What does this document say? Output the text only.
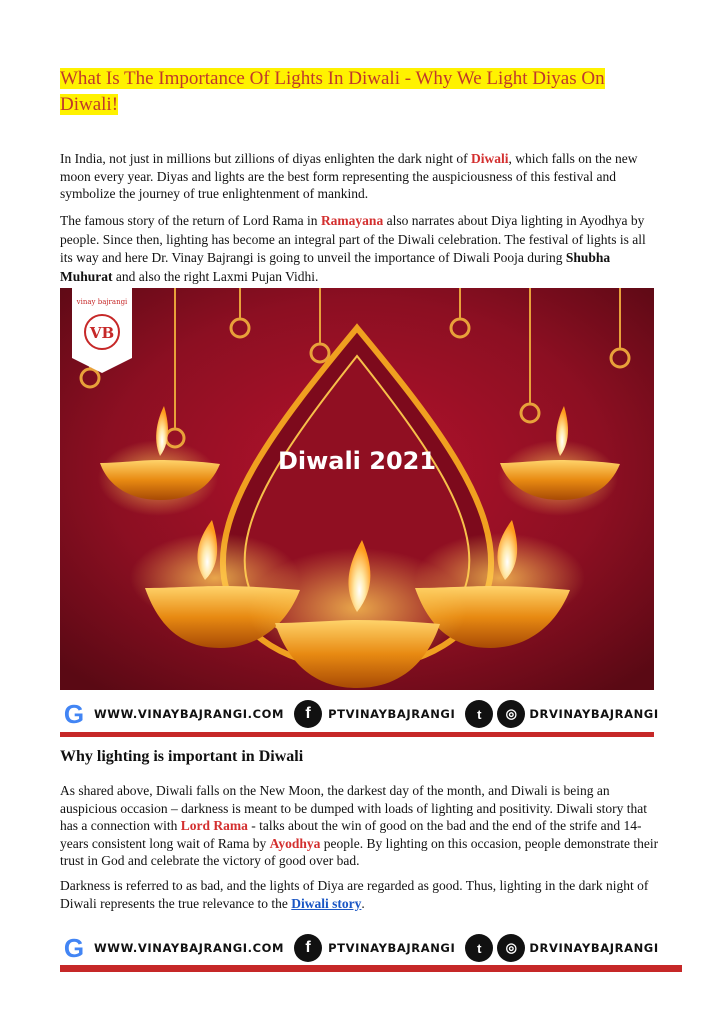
What Is The Importance Of Lights In Diwali - Why We Light Diyas On Diwali!

In India, not just in millions but zillions of diyas enlighten the dark night of Diwali, which falls on the new moon every year. Diyas and lights are the best form representing the auspiciousness of this festival and symbolize the journey of true enlightenment of mankind.

The famous story of the return of Lord Rama in Ramayana also narrates about Diya lighting in Ayodhya by people. Since then, lighting has become an integral part of the Diwali celebration. The festival of lights is all its way and here Dr. Vinay Bajrangi is going to unveil the importance of Diwali Pooja during Shubha Muhurat and also the right Laxmi Pujan Vidhi.

Diwali 2021
vinay bajrangi
VB
G WWW.VINAYBAJRANGI.COM	f	PTVINAYBAJRANGI	t	◎	DRVINAYBAJRANGI
Why lighting is important in Diwali

As shared above, Diwali falls on the New Moon, the darkest day of the month, and Diwali is being an auspicious occasion – darkness is meant to be dumped with loads of lighting and positivity. Diwali story that has a connection with Lord Rama - talks about the win of good on the bad and the end of the strife and 14-years consistent long wait of Rama by Ayodhya people. By lighting on this occasion, people demonstrate their trust in God and celebrate the victory of good over bad.

Darkness is referred to as bad, and the lights of Diya are regarded as good. Thus, lighting in the dark night of Diwali represents the true relevance to the Diwali story.

G WWW.VINAYBAJRANGI.COM	f	PTVINAYBAJRANGI	t	◎	DRVINAYBAJRANGI
